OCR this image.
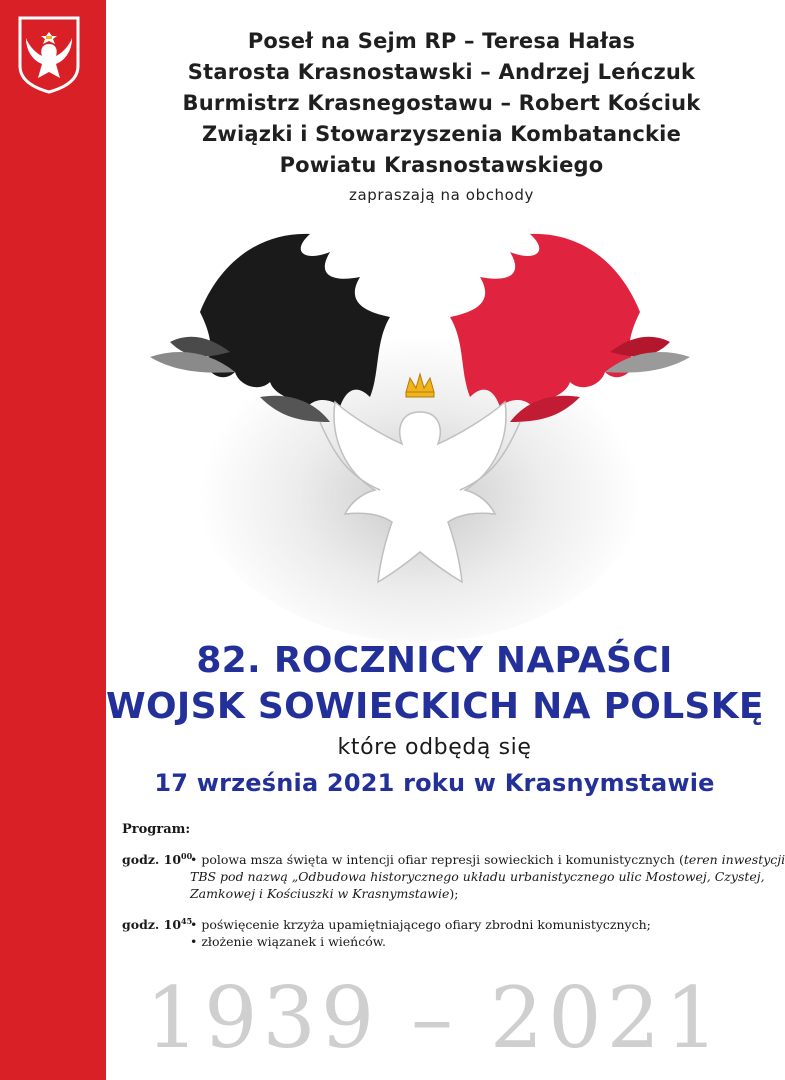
Poseł na Sejm RP – Teresa Hałas
Starosta Krasnostawski – Andrzej Leńczuk
Burmistrz Krasnegostawu – Robert Kościuk
Związki i Stowarzyszenia Kombatanckie
Powiatu Krasnostawskiego
zapraszają na obchody
82. ROCZNICY NAPAŚCI
WOJSK SOWIECKICH NA POLSKĘ
które odbędą się
17 września 2021 roku w Krasnymstawie
Program:
godz. $10^{00}$
• polowa msza święta w intencji ofiar represji sowieckich i komunistycznych (teren inwestycji
TBS pod nazwą „Odbudowa historycznego układu urbanistycznego ulic Mostowej, Czystej,
Zamkowej i Kościuszki w Krasnymstawie);
godz. $10^{45}$
• poświęcenie krzyża upamiętniającego ofiary zbrodni komunistycznych;
• złożenie wiązanek i wieńców.
1939 – 2021
